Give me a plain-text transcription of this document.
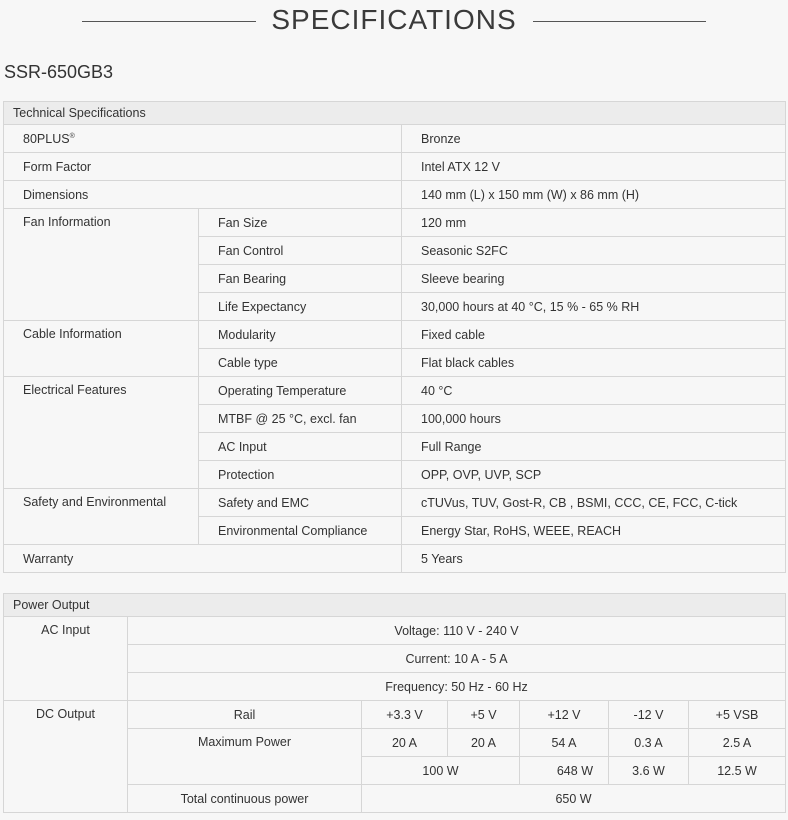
SPECIFICATIONS
SSR-650GB3
Technical Specifications		
80PLUS®		Bronze
Form Factor		Intel ATX 12 V
Dimensions		140 mm (L) x 150 mm (W) x 86 mm (H)
Fan Information	Fan Size	120 mm
	Fan Control	Seasonic S2FC
	Fan Bearing	Sleeve bearing
	Life Expectancy	30,000 hours at 40 °C, 15 % - 65 % RH
Cable Information	Modularity	Fixed cable
	Cable type	Flat black cables
Electrical Features	Operating Temperature	40 °C
	MTBF @ 25 °C, excl. fan	100,000 hours
	AC Input	Full Range
	Protection	OPP, OVP, UVP, SCP
Safety and Environmental	Safety and EMC	cTUVus, TUV, Gost-R, CB , BSMI, CCC, CE, FCC, C-tick
	Environmental Compliance	Energy Star, RoHS, WEEE, REACH
Warranty		5 Years
Power Output						
AC Input	Voltage: 110 V - 240 V					
	Current: 10 A - 5 A					
	Frequency: 50 Hz - 60 Hz					
DC Output	Rail	+3.3 V	+5 V	+12 V	-12 V	+5 VSB
	Maximum Power	20 A	20 A	54 A	0.3 A	2.5 A
		100 W		648 W	3.6 W	12.5 W
	Total continuous power	650 W				
